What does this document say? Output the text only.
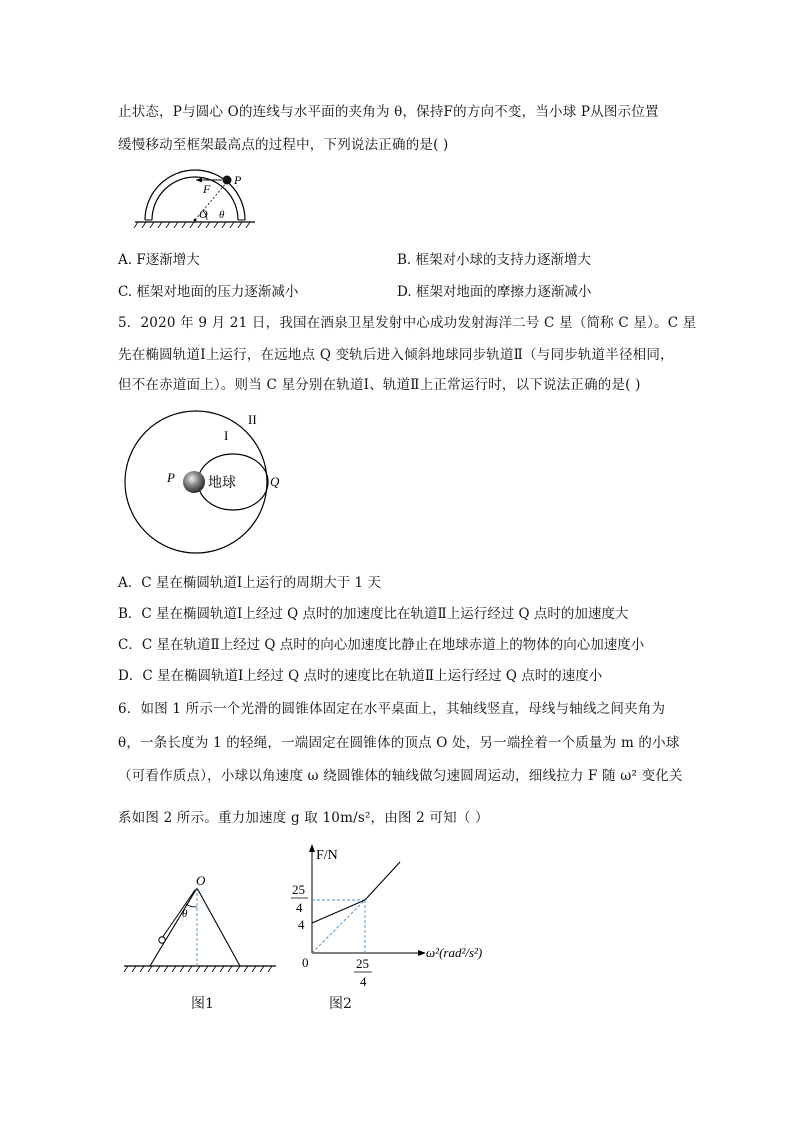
止状态，P与圆心 O的连线与水平面的夹角为 θ，保持F的方向不变，当小球 P从图示位置
缓慢移动至框架最高点的过程中，下列说法正确的是( )
F
P
O θ
A. F逐渐增大	B. 框架对小球的支持力逐渐增大
C. 框架对地面的压力逐渐减小	D. 框架对地面的摩擦力逐渐减小
5．2020 年 9 月 21 日，我国在酒泉卫星发射中心成功发射海洋二号 C 星（简称 C 星）。C 星
先在椭圆轨道Ⅰ上运行，在远地点 Q 变轨后进入倾斜地球同步轨道Ⅱ（与同步轨道半径相同，
但不在赤道面上）。则当 C 星分别在轨道Ⅰ、轨道Ⅱ上正常运行时，以下说法正确的是( )
II
I
P	Q
地球
A．C 星在椭圆轨道Ⅰ上运行的周期大于 1 天
B．C 星在椭圆轨道Ⅰ上经过 Q 点时的加速度比在轨道Ⅱ上运行经过 Q 点时的加速度大
C．C 星在轨道Ⅱ上经过 Q 点时的向心加速度比静止在地球赤道上的物体的向心加速度小
D．C 星在椭圆轨道Ⅰ上经过 Q 点时的速度比在轨道Ⅱ上运行经过 Q 点时的速度小
6．如图 1 所示一个光滑的圆锥体固定在水平桌面上，其轴线竖直，母线与轴线之间夹角为
θ，一条长度为 1 的轻绳，一端固定在圆锥体的顶点 O 处，另一端拴着一个质量为 m 的小球
（可看作质点），小球以角速度 ω 绕圆锥体的轴线做匀速圆周运动，细线拉力 F 随 ω² 变化关
系如图 2 所示。重力加速度 g 取 10m/s²，由图 2 可知（ ）
O
θ
图1
F/N
25
4
4
0	25
4
ω²(rad²/s²)
图2
